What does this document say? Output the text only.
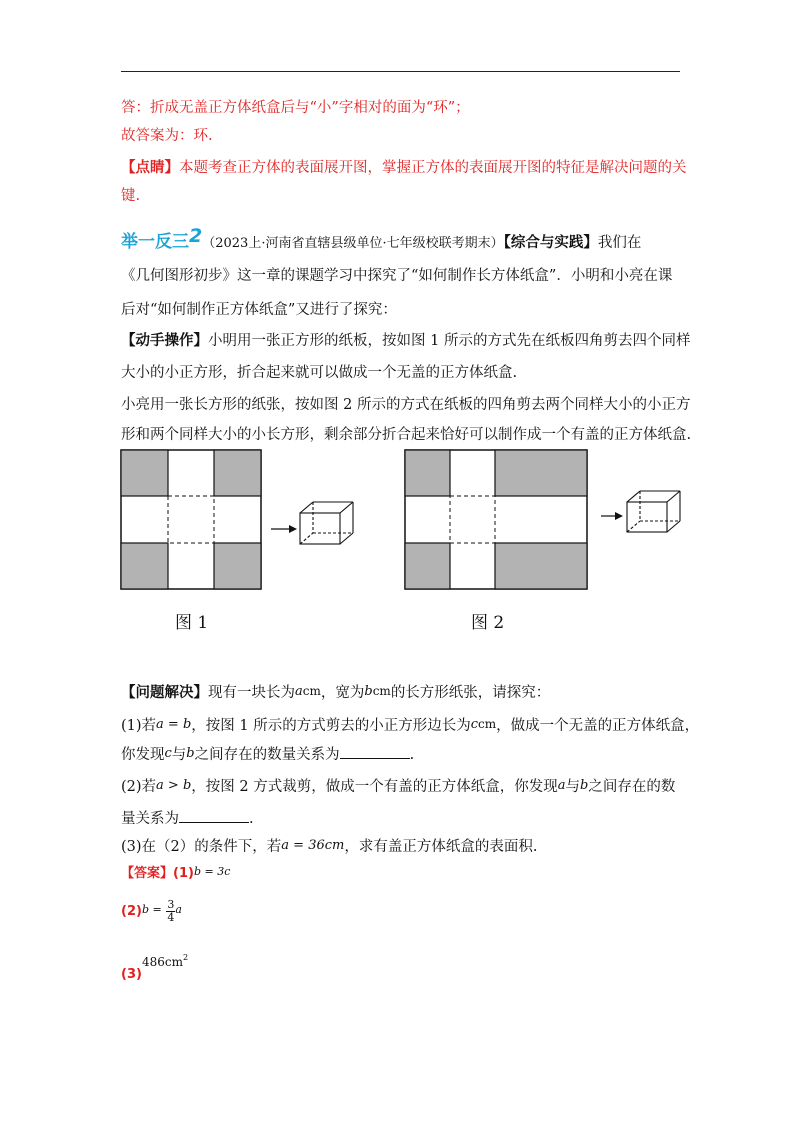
答：折成无盖正方体纸盒后与“小”字相对的面为“环”；
故答案为：环.
【点睛】本题考查正方体的表面展开图，掌握正方体的表面展开图的特征是解决问题的关
键.
举一反三2（2023上·河南省直辖县级单位·七年级校联考期末）【综合与实践】我们在
《几何图形初步》这一章的课题学习中探究了“如何制作长方体纸盒”．小明和小亮在课
后对“如何制作正方体纸盒”又进行了探究：
【动手操作】小明用一张正方形的纸板，按如图 1 所示的方式先在纸板四角剪去四个同样
大小的小正方形，折合起来就可以做成一个无盖的正方体纸盒.
小亮用一张长方形的纸张，按如图 2 所示的方式在纸板的四角剪去两个同样大小的小正方
形和两个同样大小的小长方形，剩余部分折合起来恰好可以制作成一个有盖的正方体纸盒.
图 1	图 2
【问题解决】现有一块长为acm，宽为bcm的长方形纸张，请探究：
(1)若a = b，按图 1 所示的方式剪去的小正方形边长为ccm，做成一个无盖的正方体纸盒，
你发现c与b之间存在的数量关系为	.
(2)若a > b，按图 2 方式裁剪，做成一个有盖的正方体纸盒，你发现a与b之间存在的数
量关系为	.
(3)在（2）的条件下，若a = 36cm，求有盖正方体纸盒的表面积.
【答案】(1)b = 3c
$(2)b = \frac{3}{4}$ a
$(3)486cm^2$
